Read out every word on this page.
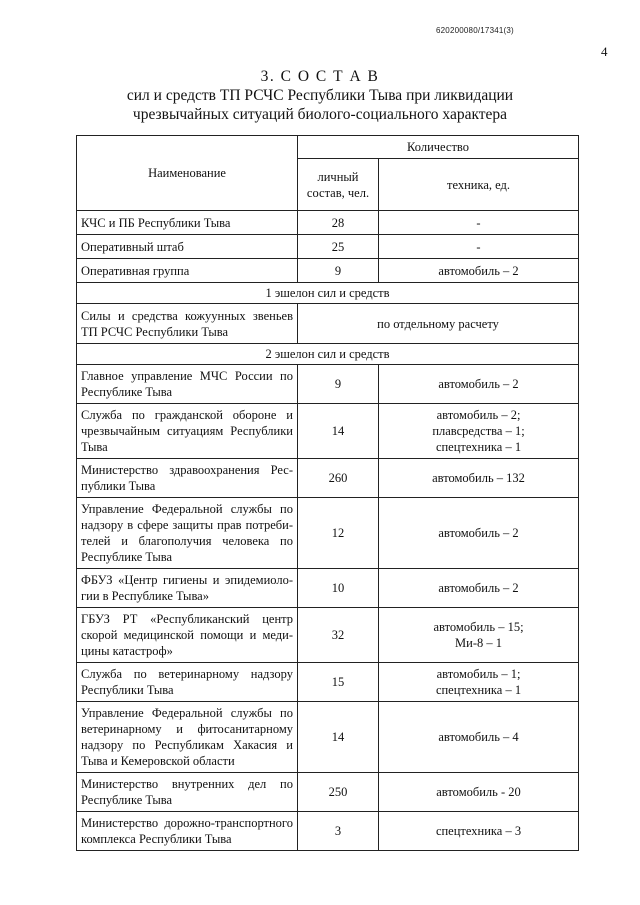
620200080/17341(3)
4
3. С О С Т А В
сил и средств ТП РСЧС Республики Тыва при ликвидации
чрезвычайных ситуаций биолого-социального характера
Наименование	Количество	
	личный состав, чел.	техника, ед.
КЧС и ПБ Республики Тыва	28	-
Оперативный штаб	25	-
Оперативная группа	9	автомобиль – 2
1 эшелон сил и средств		
Силы и средства кожуунных звеньев ТП РСЧС Республики Тыва	по отдельному расчету	
2 эшелон сил и средств		
Главное управление МЧС России по Республике Тыва	9	автомобиль – 2
Служба по гражданской обороне и чрезвычайным ситуациям Республики Тыва	14	автомобиль – 2;
плавсредства – 1;
спецтехника – 1

Министерство здравоохранения Рес-публики Тыва	260	автомобиль – 132
Управление Федеральной службы по надзору в сфере защиты прав потреби-телей и благополучия человека по Республике Тыва	12	автомобиль – 2
ФБУЗ «Центр гигиены и эпидемиоло-гии в Республике Тыва»	10	автомобиль – 2
ГБУЗ РТ «Республиканский центр скорой медицинской помощи и меди-цины катастроф»	32	автомобиль – 15;
Ми-8 – 1

Служба по ветеринарному надзору Республики Тыва	15	автомобиль – 1;
спецтехника – 1

Управление Федеральной службы по ветеринарному и фитосанитарному надзору по Республикам Хакасия и Тыва и Кемеровской области	14	автомобиль – 4
Министерство внутренних дел по Республике Тыва	250	автомобиль - 20
Министерство дорожно-транспортного комплекса Республики Тыва	3	спецтехника – 3
